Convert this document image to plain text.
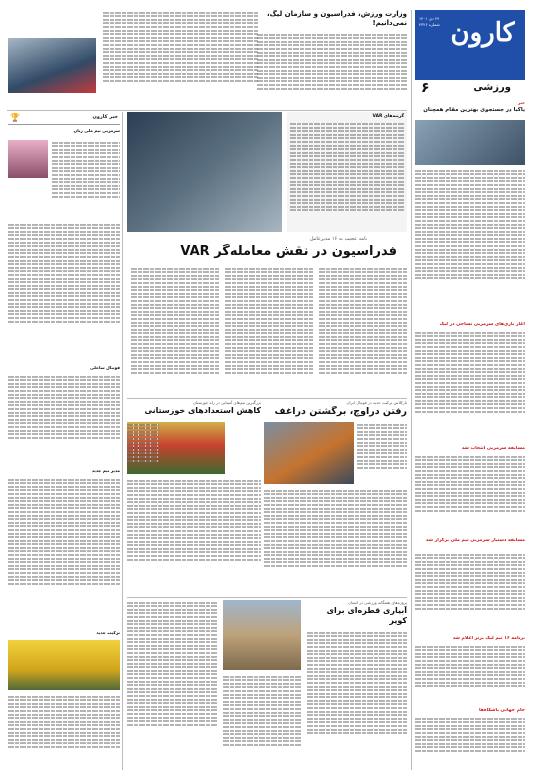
کارون
۲۴ دی ۱۴۰۱
شماره ۴۳۲۶
ورزشی
۶
خبر
یاکبا در جستجوی بهترین مقام همچنان
آغاز بازی‌های سرمربی نساجی در لیگ
مسابقه سرمربی انتخاب شد
مسابقه دستیار سرمربی تیم ملی برگزار شد
برنامه ۱۶ تیم لیگ برتر اعلام شد
جام جهانی باشگاه‌ها
وزارت ورزش، فدراسیون و سازمان لیگ، نمی‌دانیم!
گزینه‌های VAR
نامه عجیب به ۱۶ مدیرعامل
فدراسیون در نقش معامله‌گر VAR
🏆	خبر کارون
سرمربی تیم ملی زنان
فوتبال ساحلی
مدیر تیم جدید
ترکیب جدید
بارکلاس ترکیب جدید در فوتبال ایران
رفتن دراوچ، برگشتن دراغف
بزرگترین تیم‌های آسیایی در راه خوزستان
کاهش استعدادهای خوزستانی
پروژه‌های هفتگانه ورزشی در استان
آبیاری قطره‌ای برای کویر
